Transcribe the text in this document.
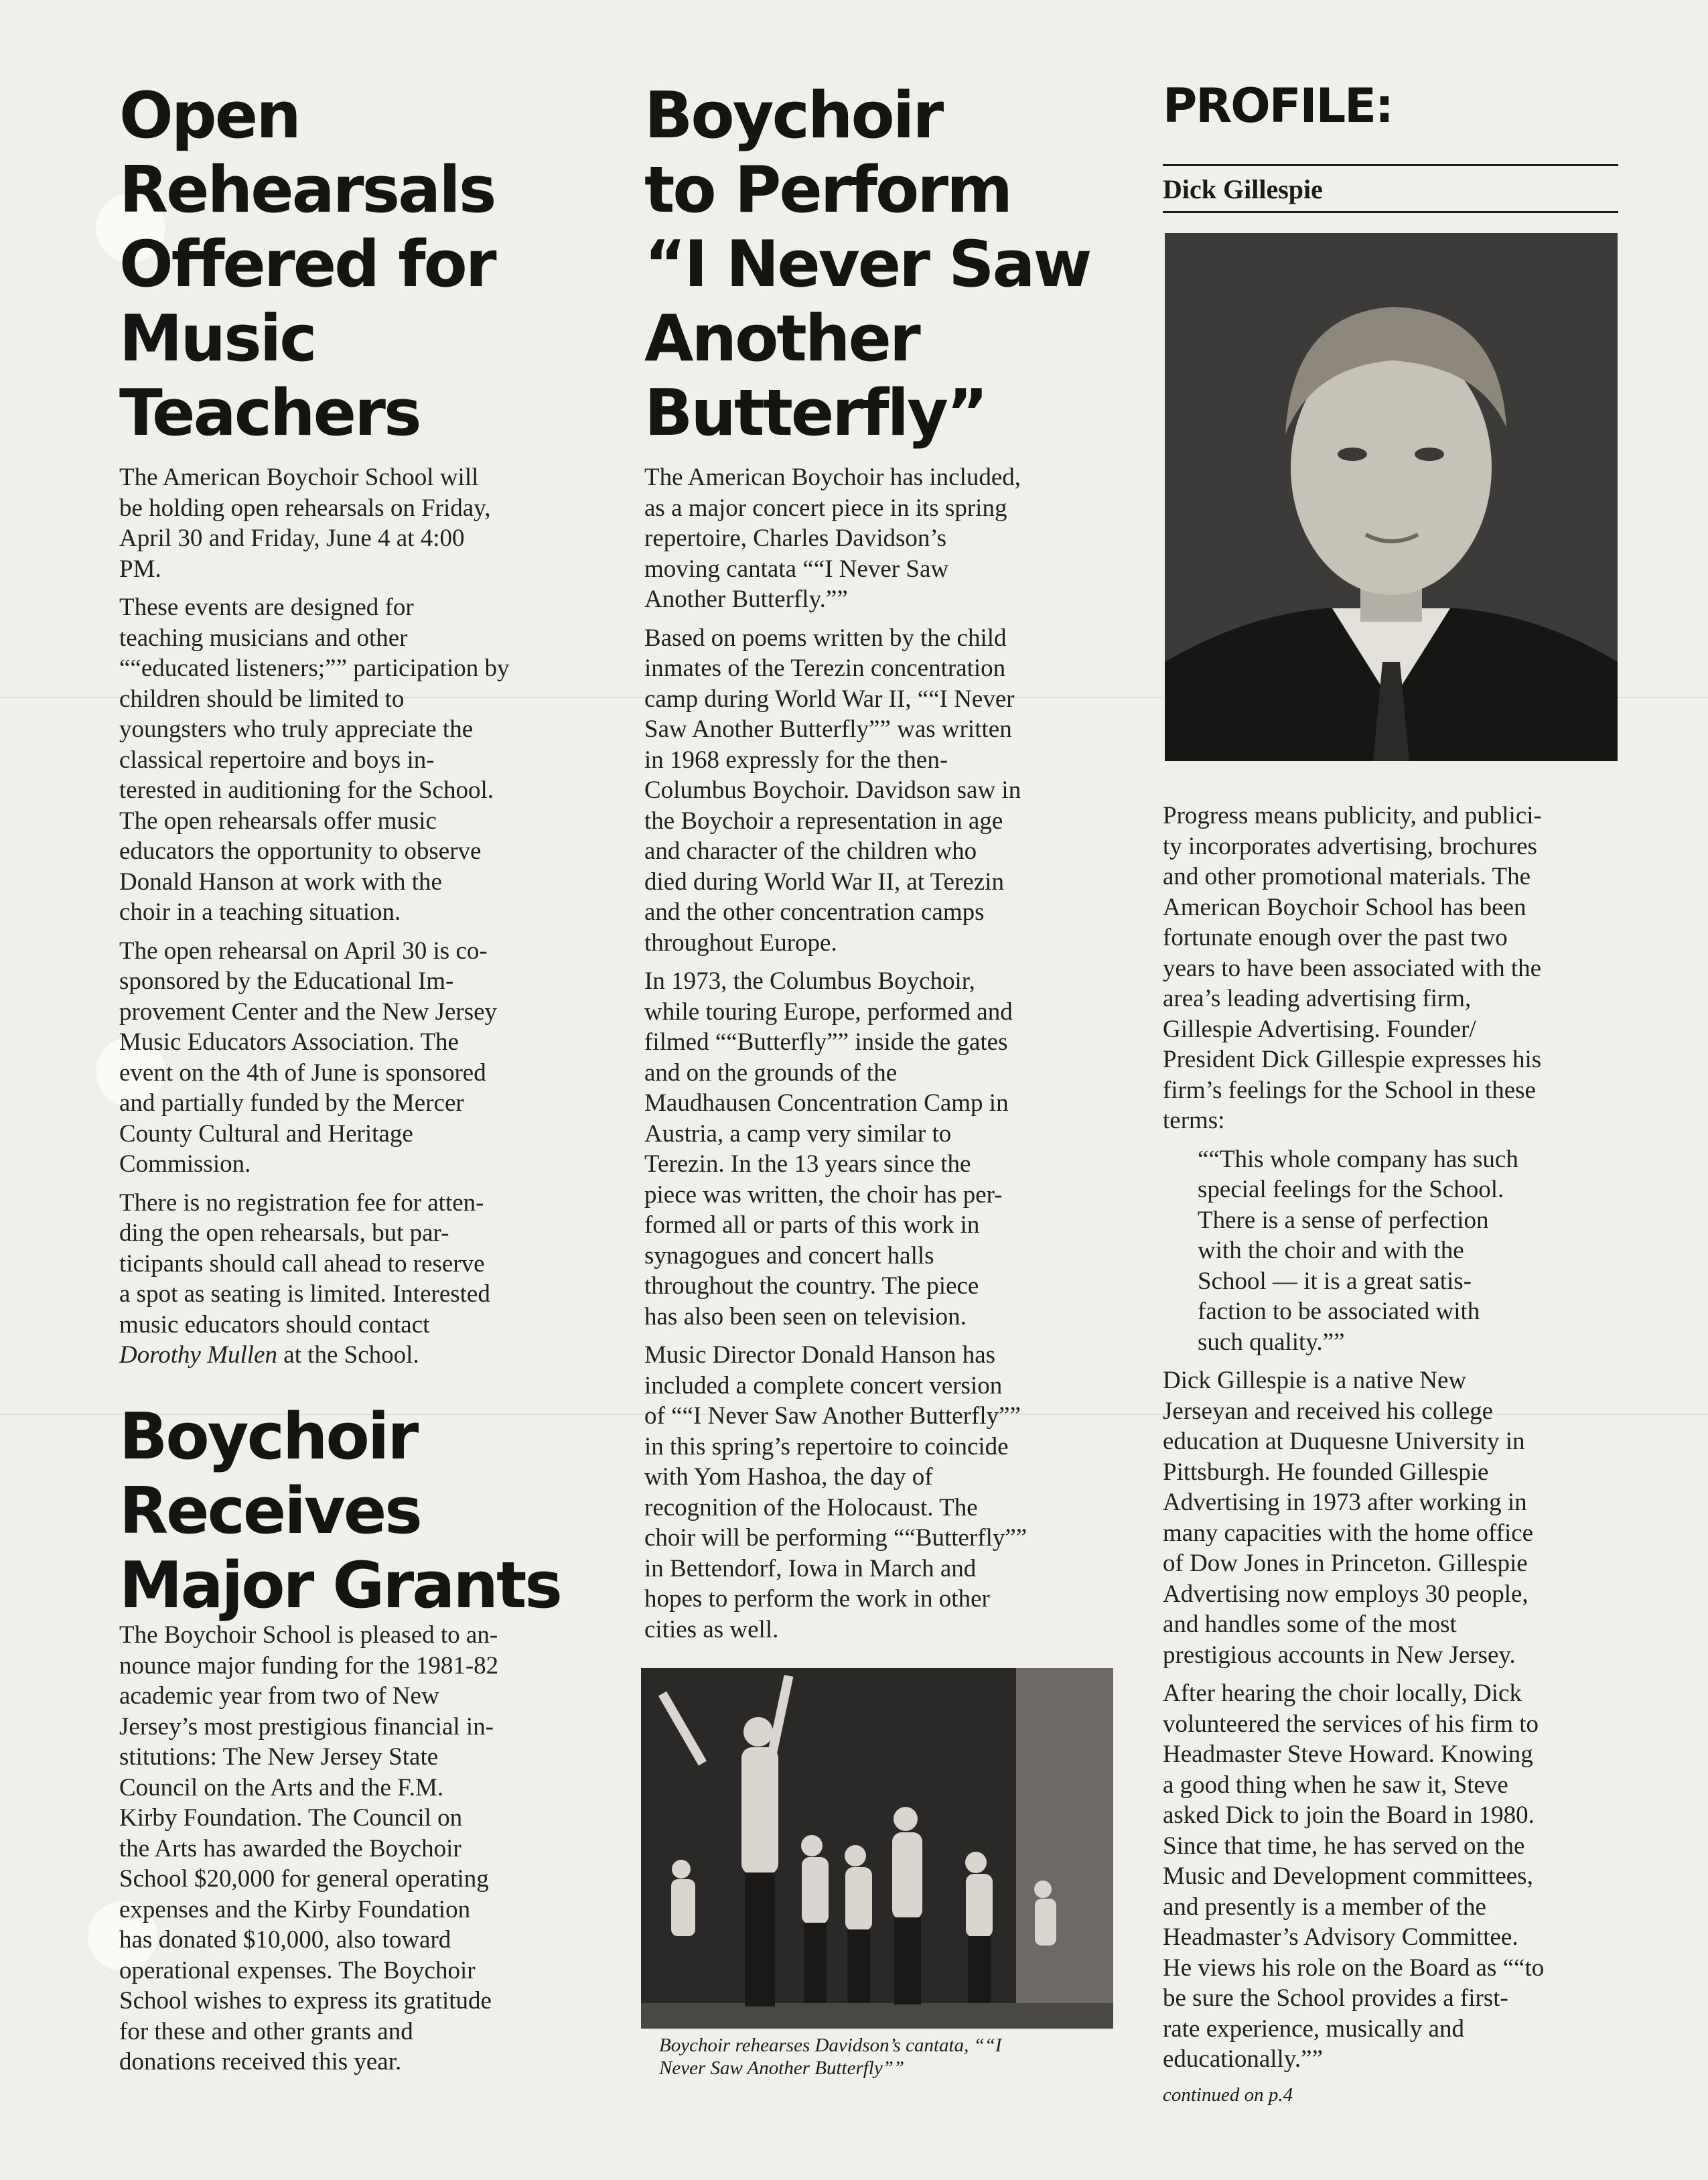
Open
Rehearsals
Offered for
Music
Teachers

The American Boychoir School will
be holding open rehearsals on Friday,
April 30 and Friday, June 4 at 4:00
PM.

These events are designed for
teaching musicians and other
““educated listeners;”” participation by
children should be limited to
youngsters who truly appreciate the
classical repertoire and boys in-
terested in auditioning for the School.
The open rehearsals offer music
educators the opportunity to observe
Donald Hanson at work with the
choir in a teaching situation.

The open rehearsal on April 30 is co-
sponsored by the Educational Im-
provement Center and the New Jersey
Music Educators Association. The
event on the 4th of June is sponsored
and partially funded by the Mercer
County Cultural and Heritage
Commission.

There is no registration fee for atten-
ding the open rehearsals, but par-
ticipants should call ahead to reserve
a spot as seating is limited. Interested
music educators should contact
Dorothy Mullen at the School.

Boychoir
Receives
Major Grants

The Boychoir School is pleased to an-
nounce major funding for the 1981-82
academic year from two of New
Jersey’s most prestigious financial in-
stitutions: The New Jersey State
Council on the Arts and the F.M.
Kirby Foundation. The Council on
the Arts has awarded the Boychoir
School $20,000 for general operating
expenses and the Kirby Foundation
has donated $10,000, also toward
operational expenses. The Boychoir
School wishes to express its gratitude
for these and other grants and
donations received this year.

Boychoir
to Perform
“I Never Saw
Another
Butterfly”

The American Boychoir has included,
as a major concert piece in its spring
repertoire, Charles Davidson’s
moving cantata ““I Never Saw
Another Butterfly.””

Based on poems written by the child
inmates of the Terezin concentration
camp during World War II, ““I Never
Saw Another Butterfly”” was written
in 1968 expressly for the then-
Columbus Boychoir. Davidson saw in
the Boychoir a representation in age
and character of the children who
died during World War II, at Terezin
and the other concentration camps
throughout Europe.

In 1973, the Columbus Boychoir,
while touring Europe, performed and
filmed ““Butterfly”” inside the gates
and on the grounds of the
Maudhausen Concentration Camp in
Austria, a camp very similar to
Terezin. In the 13 years since the
piece was written, the choir has per-
formed all or parts of this work in
synagogues and concert halls
throughout the country. The piece
has also been seen on television.

Music Director Donald Hanson has
included a complete concert version
of ““I Never Saw Another Butterfly””
in this spring’s repertoire to coincide
with Yom Hashoa, the day of
recognition of the Holocaust. The
choir will be performing ““Butterfly””
in Bettendorf, Iowa in March and
hopes to perform the work in other
cities as well.

Boychoir rehearses Davidson’s cantata, ““I
Never Saw Another Butterfly””

PROFILE:

Dick Gillespie

Progress means publicity, and publici-
ty incorporates advertising, brochures
and other promotional materials. The
American Boychoir School has been
fortunate enough over the past two
years to have been associated with the
area’s leading advertising firm,
Gillespie Advertising. Founder/
President Dick Gillespie expresses his
firm’s feelings for the School in these
terms:

““This whole company has such
special feelings for the School.
There is a sense of perfection
with the choir and with the
School — it is a great satis-
faction to be associated with
such quality.””

Dick Gillespie is a native New
Jerseyan and received his college
education at Duquesne University in
Pittsburgh. He founded Gillespie
Advertising in 1973 after working in
many capacities with the home office
of Dow Jones in Princeton. Gillespie
Advertising now employs 30 people,
and handles some of the most
prestigious accounts in New Jersey.

After hearing the choir locally, Dick
volunteered the services of his firm to
Headmaster Steve Howard. Knowing
a good thing when he saw it, Steve
asked Dick to join the Board in 1980.
Since that time, he has served on the
Music and Development committees,
and presently is a member of the
Headmaster’s Advisory Committee.
He views his role on the Board as ““to
be sure the School provides a first-
rate experience, musically and
educationally.””

continued on p.4
